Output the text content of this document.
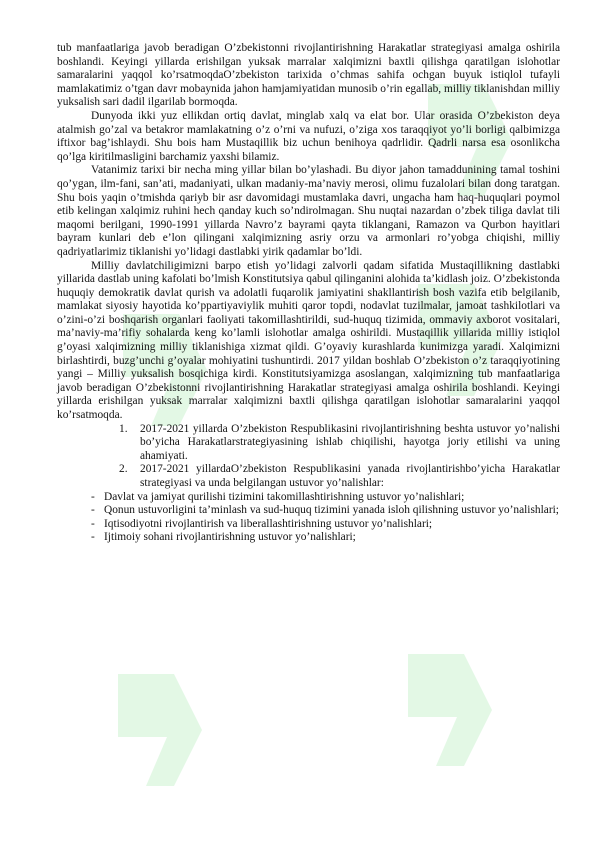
tub manfaatlariga javob beradigan O’zbekistonni rivojlantirishning Harakatlar strategiyasi amalga oshirila boshlandi. Keyingi yillarda erishilgan yuksak marralar xalqimizni baxtli qilishga qaratilgan islohotlar samaralarini yaqqol ko’rsatmoqdaO’zbekiston tarixida o’chmas sahifa ochgan buyuk istiqlol tufayli mamlakatimiz o’tgan davr mobaynida jahon hamjamiyatidan munosib o’rin egallab, milliy tiklanishdan milliy yuksalish sari dadil ilgarilab bormoqda.

Dunyoda ikki yuz ellikdan ortiq davlat, minglab xalq va elat bor. Ular orasida O’zbekiston deya atalmish go’zal va betakror mamlakatning o’z o’rni va nufuzi, o’ziga xos taraqqiyot yo’li borligi qalbimizga iftixor bag’ishlaydi. Shu bois ham Mustaqillik biz uchun benihoya qadrlidir. Qadrli narsa esa osonlikcha qo’lga kiritilmasligini barchamiz yaxshi bilamiz.

Vatanimiz tarixi bir necha ming yillar bilan bo’ylashadi. Bu diyor jahon tamaddunining tamal toshini qo’ygan, ilm-fani, san’ati, madaniyati, ulkan madaniy-ma’naviy merosi, olimu fuzalolari bilan dong taratgan. Shu bois yaqin o’tmishda qariyb bir asr davomidagi mustamlaka davri, ungacha ham haq-huquqlari poymol etib kelingan xalqimiz ruhini hech qanday kuch so’ndirolmagan. Shu nuqtai nazardan o’zbek tiliga davlat tili maqomi berilgani, 1990-1991 yillarda Navro’z bayrami qayta tiklangani, Ramazon va Qurbon hayitlari bayram kunlari deb e’lon qilingani xalqimizning asriy orzu va armonlari ro’yobga chiqishi, milliy qadriyatlarimiz tiklanishi yo’lidagi dastlabki yirik qadamlar bo’ldi.

Milliy davlatchiligimizni barpo etish yo’lidagi zalvorli qadam sifatida Mustaqillikning dastlabki yillarida dastlab uning kafolati bo’lmish Konstitutsiya qabul qilinganini alohida ta’kidlash joiz. O’zbekistonda huquqiy demokratik davlat qurish va adolatli fuqarolik jamiyatini shakllantirish bosh vazifa etib belgilanib, mamlakat siyosiy hayotida ko’ppartiyaviylik muhiti qaror topdi, nodavlat tuzilmalar, jamoat tashkilotlari va o’zini-o’zi boshqarish organlari faoliyati takomillashtirildi, sud-huquq tizimida, ommaviy axborot vositalari, ma’naviy-ma’rifiy sohalarda keng ko’lamli islohotlar amalga oshirildi. Mustaqillik yillarida milliy istiqlol g’oyasi xalqimizning milliy tiklanishiga xizmat qildi. G’oyaviy kurashlarda kunimizga yaradi. Xalqimizni birlashtirdi, buzg’unchi g’oyalar mohiyatini tushuntirdi. 2017 yildan boshlab O’zbekiston o’z taraqqiyotining yangi – Milliy yuksalish bosqichiga kirdi. Konstitutsiyamizga asoslangan, xalqimizning tub manfaatlariga javob beradigan O’zbekistonni rivojlantirishning Harakatlar strategiyasi amalga oshirila boshlandi. Keyingi yillarda erishilgan yuksak marralar xalqimizni baxtli qilishga qaratilgan islohotlar samaralarini yaqqol ko’rsatmoqda.

1. 2017-2021 yillarda O’zbekiston Respublikasini rivojlantirishning beshta ustuvor yo’nalishi bo’yicha Harakatlarstrategiyasining ishlab chiqilishi, hayotga joriy etilishi va uning ahamiyati.
2. 2017-2021 yillardaO’zbekiston Respublikasini yanada rivojlantirishbo’yicha Harakatlar strategiyasi va unda belgilangan ustuvor yo’nalishlar:
- Davlat va jamiyat qurilishi tizimini takomillashtirishning ustuvor yo’nalishlari;

- Qonun ustuvorligini ta’minlash va sud-huquq tizimini yanada isloh qilishning ustuvor yo’nalishlari;

- Iqtisodiyotni rivojlantirish va liberallashtirishning ustuvor yo’nalishlari;
- Ijtimoiy sohani rivojlantirishning ustuvor yo’nalishlari;
